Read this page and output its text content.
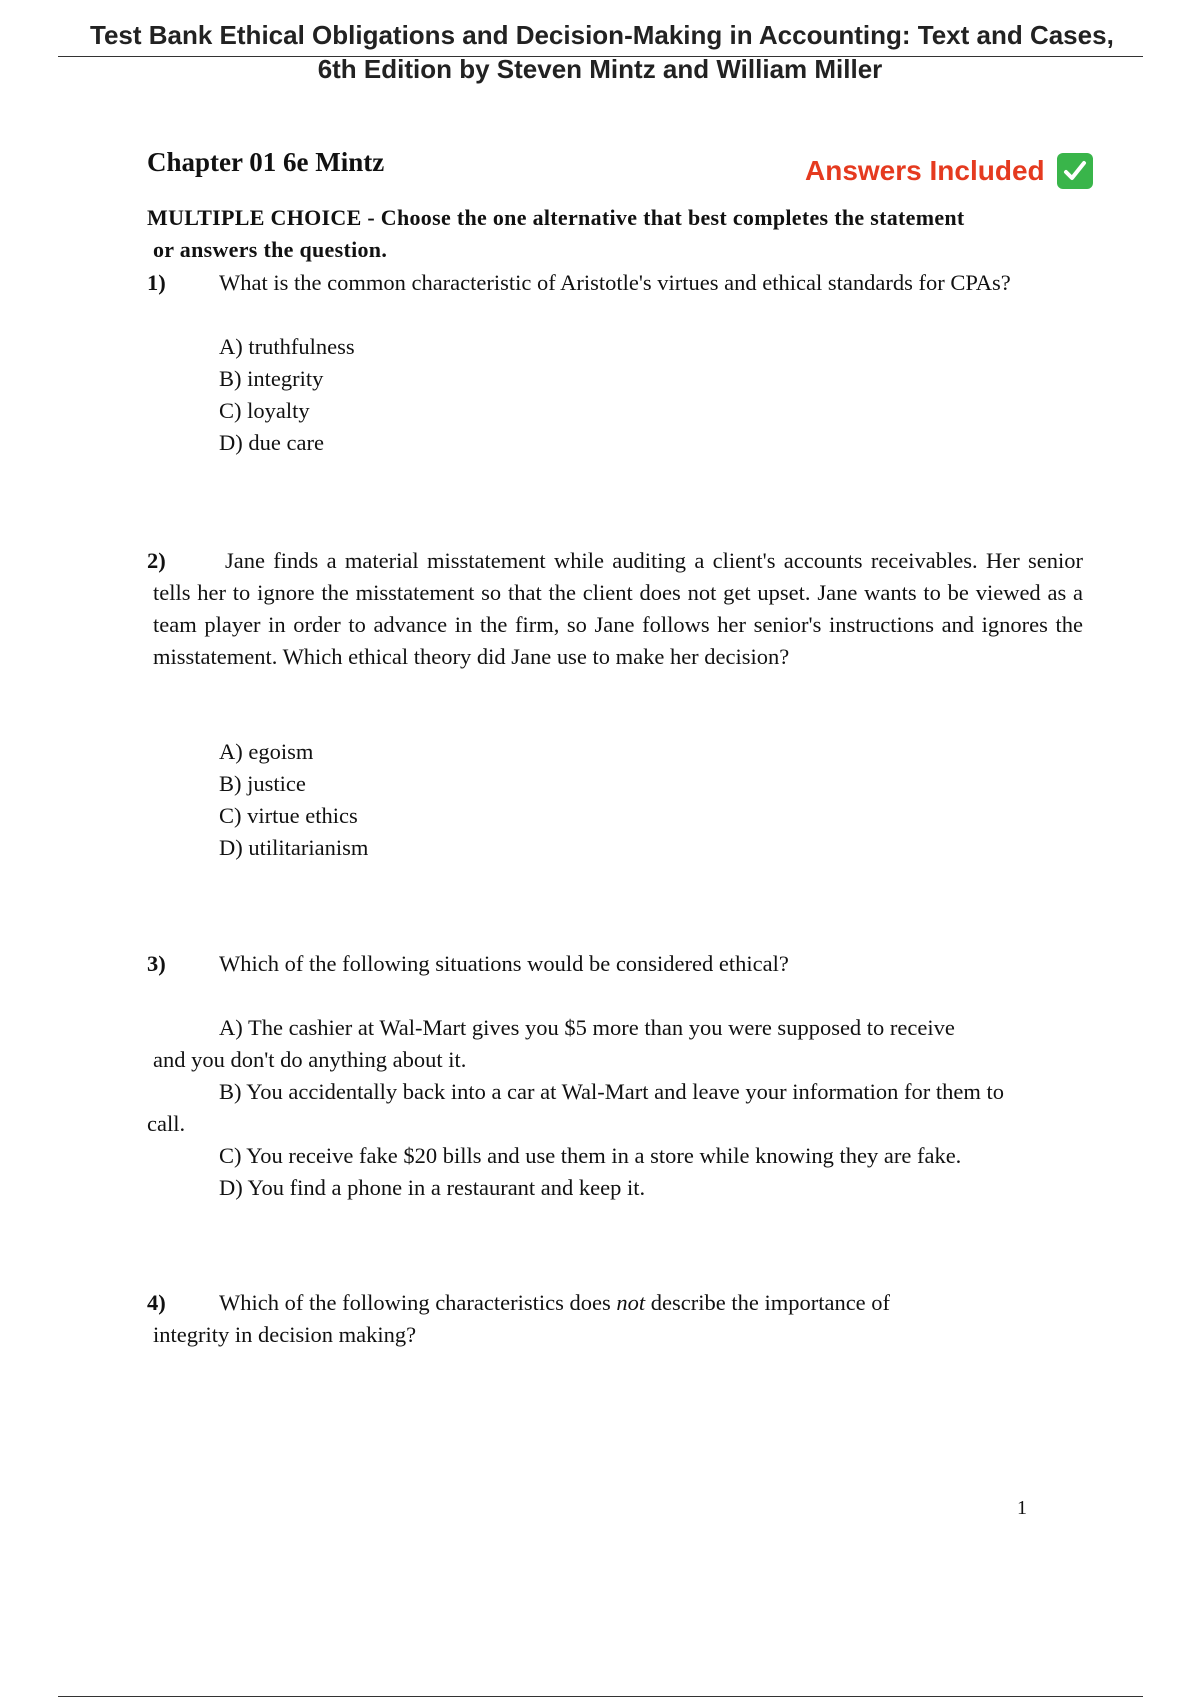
Test Bank Ethical Obligations and Decision-Making in Accounting: Text and Cases,
6th Edition by Steven Mintz and William Miller
Chapter 01 6e Mintz	Answers Included
MULTIPLE CHOICE - Choose the one alternative that best completes the statement
or answers the question.
1) What is the common characteristic of Aristotle's virtues and ethical standards for CPAs?
A) truthfulness
B) integrity
C) loyalty
D) due care
2)	Jane finds a material misstatement while auditing a client's accounts receivables. Her senior tells her to ignore the misstatement so that the client does not get upset. Jane wants to be viewed as a team player in order to advance in the firm, so Jane follows her senior's instructions and ignores the misstatement. Which ethical theory did Jane use to make her decision?

A) egoism
B) justice
C) virtue ethics
D) utilitarianism
3) Which of the following situations would be considered ethical?
A) The cashier at Wal-Mart gives you $5 more than you were supposed to receive
and you don't do anything about it.
B) You accidentally back into a car at Wal-Mart and leave your information for them to
call.
C) You receive fake $20 bills and use them in a store while knowing they are fake.
D) You find a phone in a restaurant and keep it.
4) Which of the following characteristics does not describe the importance of
integrity in decision making?
1
